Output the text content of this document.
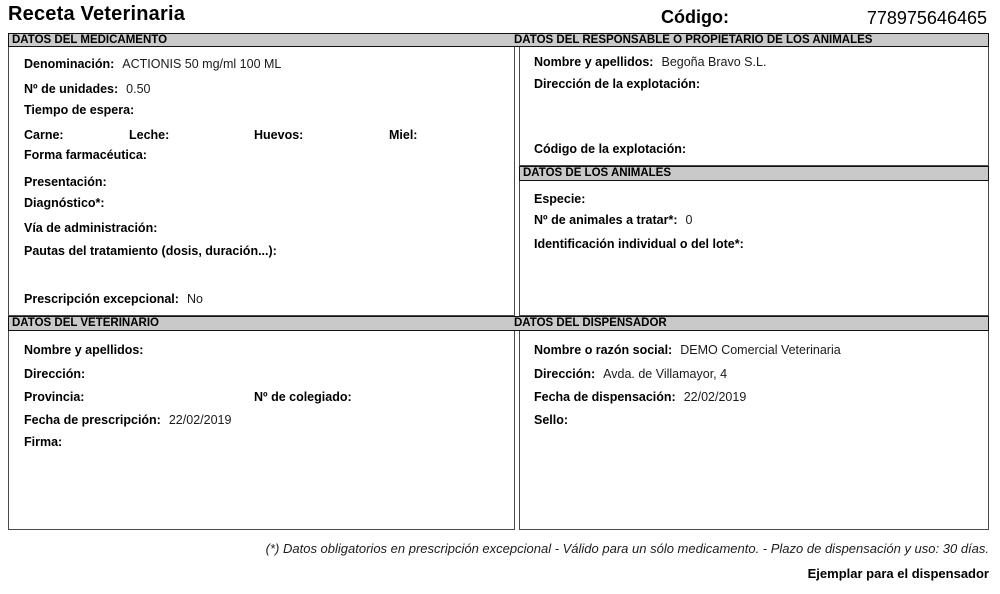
Receta Veterinaria	Código:	778975646465
DATOS DEL MEDICAMENTO	DATOS DEL RESPONSABLE O PROPIETARIO DE LOS ANIMALES
Denominación: ACTIONIS 50 mg/ml 100 ML
Nº de unidades: 0.50
Tiempo de espera:
Carne:	Leche:	Huevos:	Miel:
Forma farmacéutica:
Presentación:
Diagnóstico*:
Vía de administración:
Pautas del tratamiento (dosis, duración...):
Prescripción excepcional: No
Nombre y apellidos: Begoña Bravo S.L.
Dirección de la explotación:
Código de la explotación:
DATOS DE LOS ANIMALES
Especie:
Nº de animales a tratar*: 0
Identificación individual o del lote*:
DATOS DEL VETERINARIO	DATOS DEL DISPENSADOR
Nombre y apellidos:
Dirección:
Provincia:	Nº de colegiado:
Fecha de prescripción: 22/02/2019
Firma:
Nombre o razón social: DEMO Comercial Veterinaria
Dirección: Avda. de Villamayor, 4
Fecha de dispensación: 22/02/2019
Sello:
(*) Datos obligatorios en prescripción excepcional - Válido para un sólo medicamento. - Plazo de dispensación y uso: 30 días.
Ejemplar para el dispensador
